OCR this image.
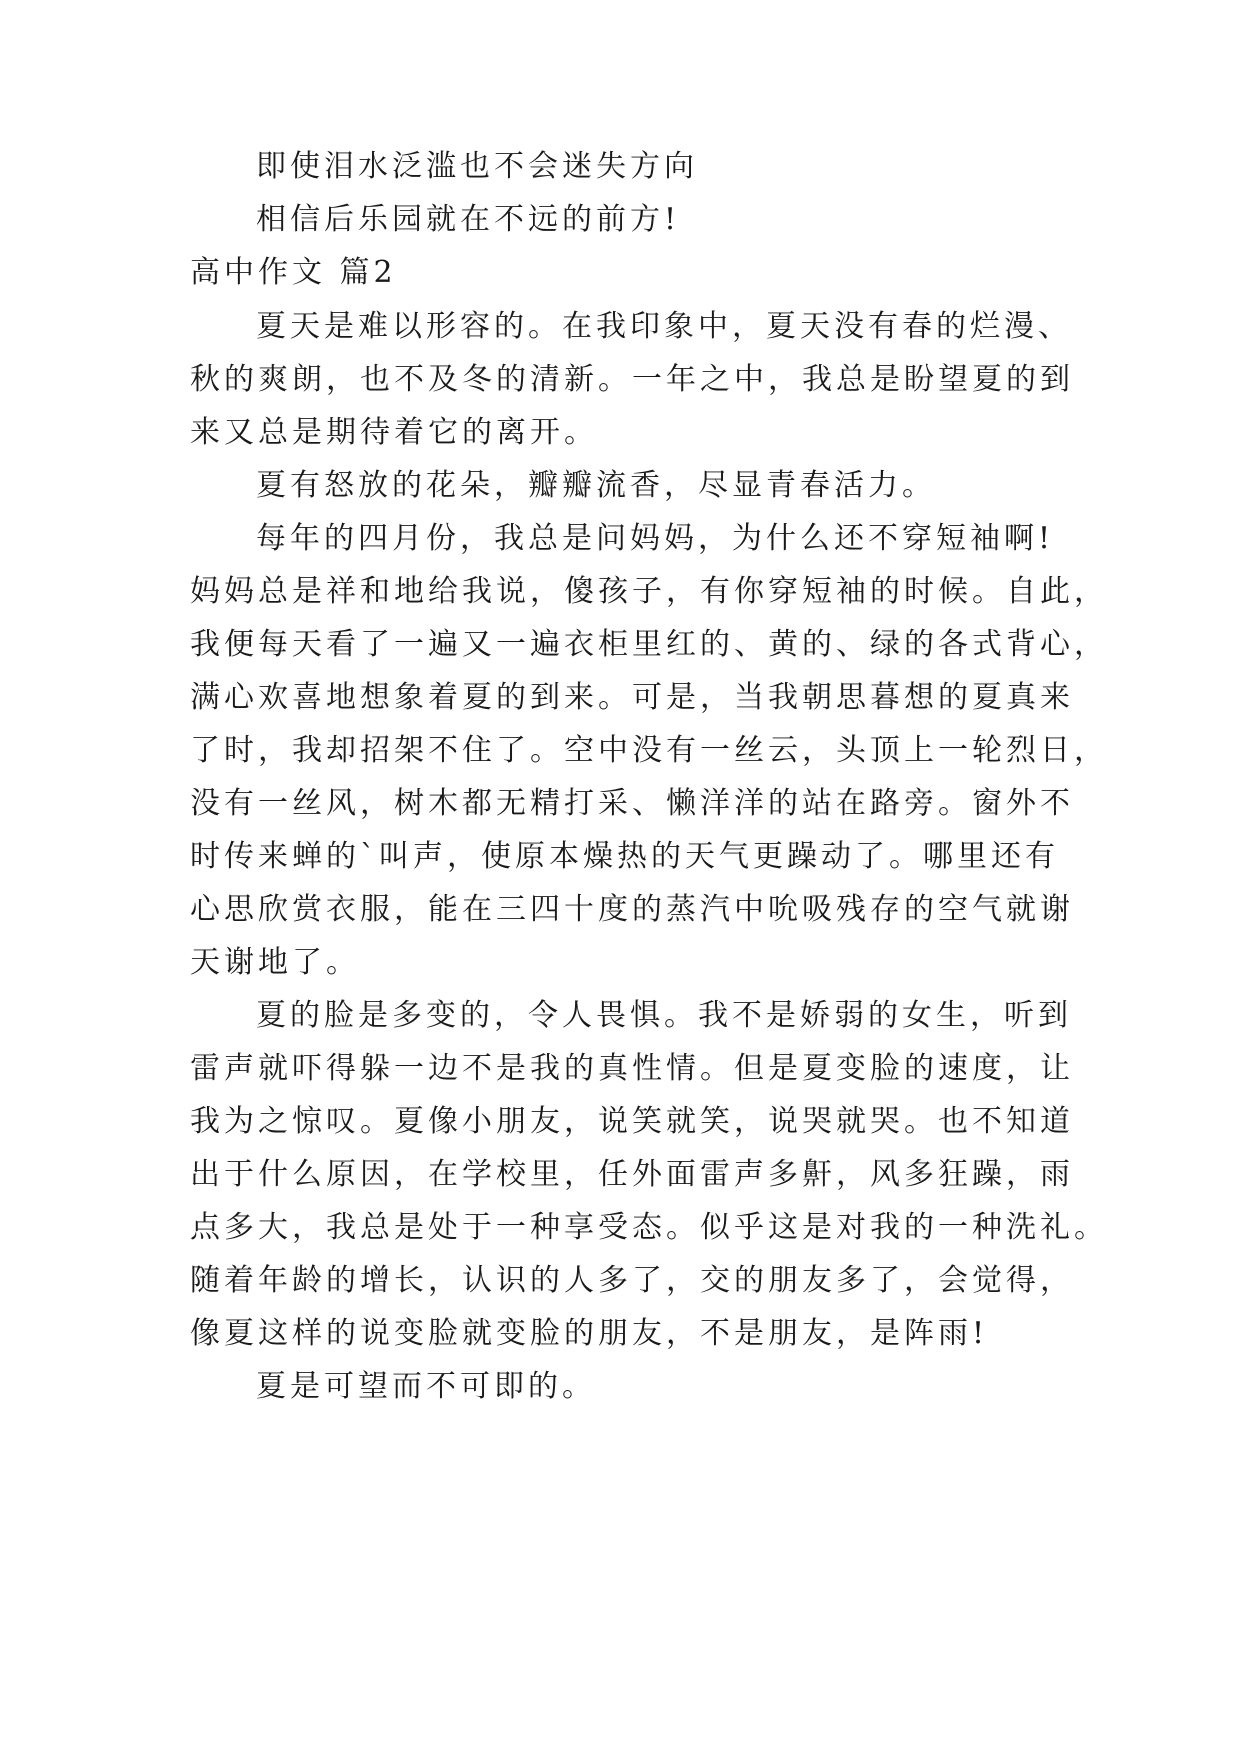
即使泪水泛滥也不会迷失方向
相信后乐园就在不远的前方!
高中作文 篇2
夏天是难以形容的。在我印象中，夏天没有春的烂漫、
秋的爽朗，也不及冬的清新。一年之中，我总是盼望夏的到
来又总是期待着它的离开。
夏有怒放的花朵，瓣瓣流香，尽显青春活力。
每年的四月份，我总是问妈妈，为什么还不穿短袖啊!
妈妈总是祥和地给我说，傻孩子，有你穿短袖的时候。自此，
我便每天看了一遍又一遍衣柜里红的、黄的、绿的各式背心，
满心欢喜地想象着夏的到来。可是，当我朝思暮想的夏真来
了时，我却招架不住了。空中没有一丝云，头顶上一轮烈日，
没有一丝风，树木都无精打采、懒洋洋的站在路旁。窗外不
时传来蝉的`叫声，使原本燥热的天气更躁动了。哪里还有
心思欣赏衣服，能在三四十度的蒸汽中吮吸残存的空气就谢
天谢地了。
夏的脸是多变的，令人畏惧。我不是娇弱的女生，听到
雷声就吓得躲一边不是我的真性情。但是夏变脸的速度，让
我为之惊叹。夏像小朋友，说笑就笑，说哭就哭。也不知道
出于什么原因，在学校里，任外面雷声多鼾，风多狂躁，雨
点多大，我总是处于一种享受态。似乎这是对我的一种洗礼。
随着年龄的增长，认识的人多了，交的朋友多了，会觉得，
像夏这样的说变脸就变脸的朋友，不是朋友，是阵雨!
夏是可望而不可即的。
